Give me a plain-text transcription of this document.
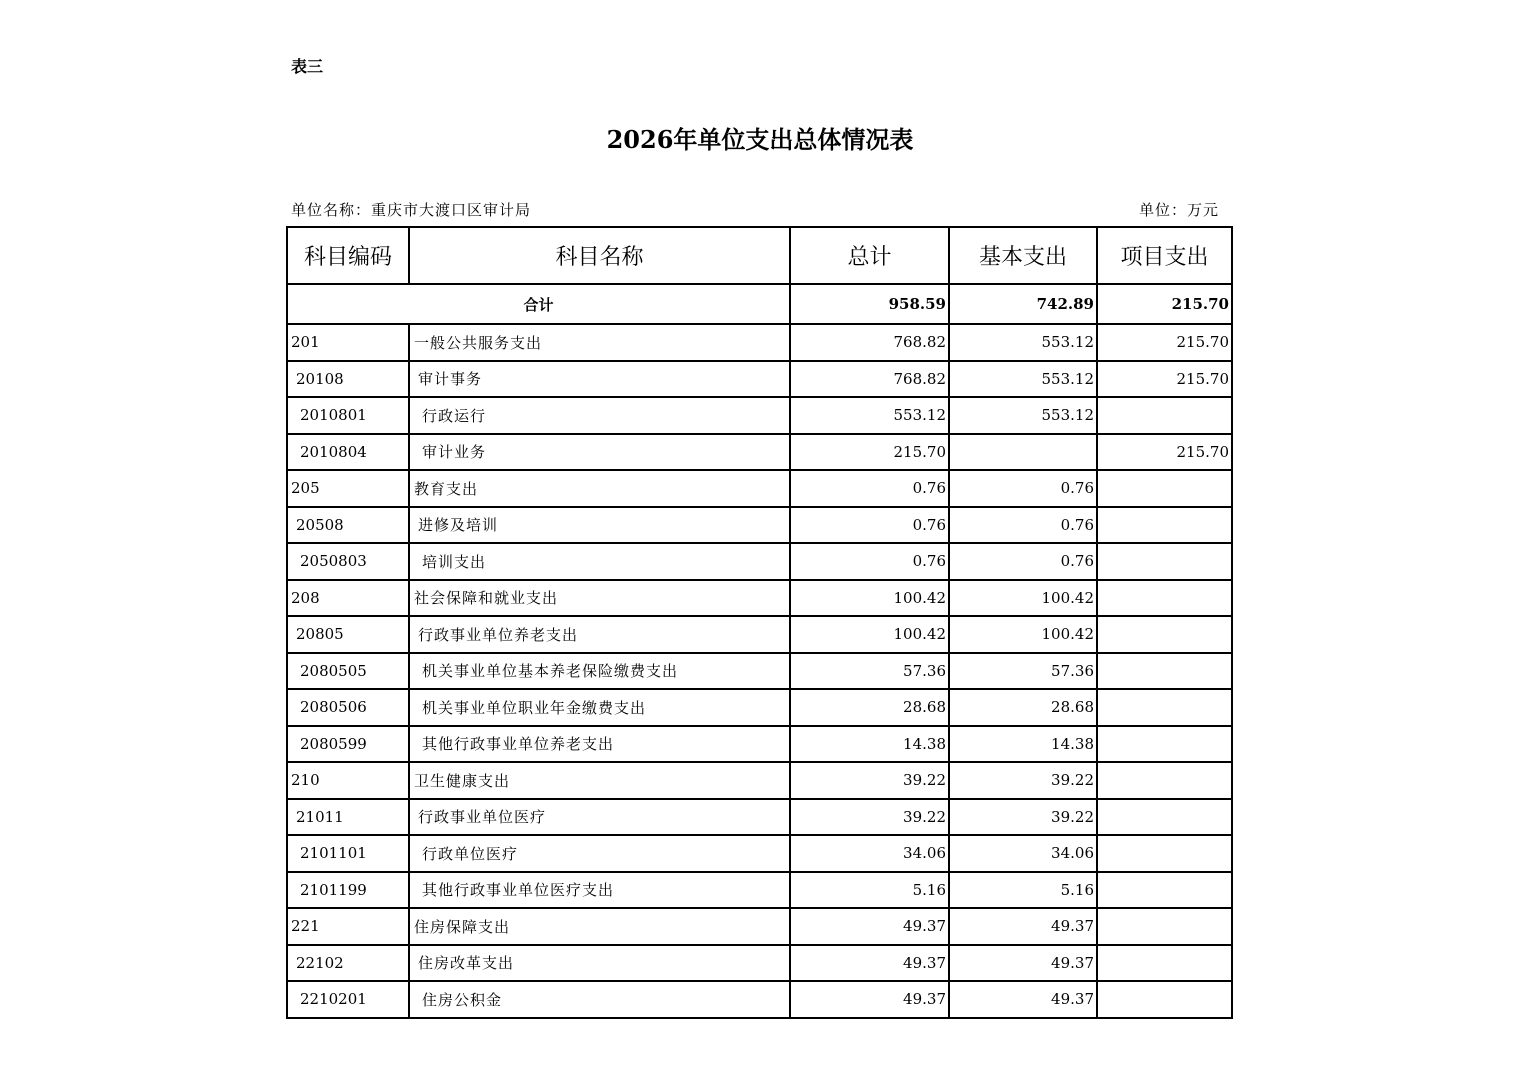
表三
2026年单位支出总体情况表
单位名称：重庆市大渡口区审计局	单位：万元
科目编码	科目名称	总计	基本支出	项目支出
合计		958.59	742.89	215.70
201	一般公共服务支出	768.82	553.12	215.70
20108	审计事务	768.82	553.12	215.70
2010801	行政运行	553.12	553.12	
2010804	审计业务	215.70		215.70
205	教育支出	0.76	0.76	
20508	进修及培训	0.76	0.76	
2050803	培训支出	0.76	0.76	
208	社会保障和就业支出	100.42	100.42	
20805	行政事业单位养老支出	100.42	100.42	
2080505	机关事业单位基本养老保险缴费支出	57.36	57.36	
2080506	机关事业单位职业年金缴费支出	28.68	28.68	
2080599	其他行政事业单位养老支出	14.38	14.38	
210	卫生健康支出	39.22	39.22	
21011	行政事业单位医疗	39.22	39.22	
2101101	行政单位医疗	34.06	34.06	
2101199	其他行政事业单位医疗支出	5.16	5.16	
221	住房保障支出	49.37	49.37	
22102	住房改革支出	49.37	49.37	
2210201	住房公积金	49.37	49.37	
